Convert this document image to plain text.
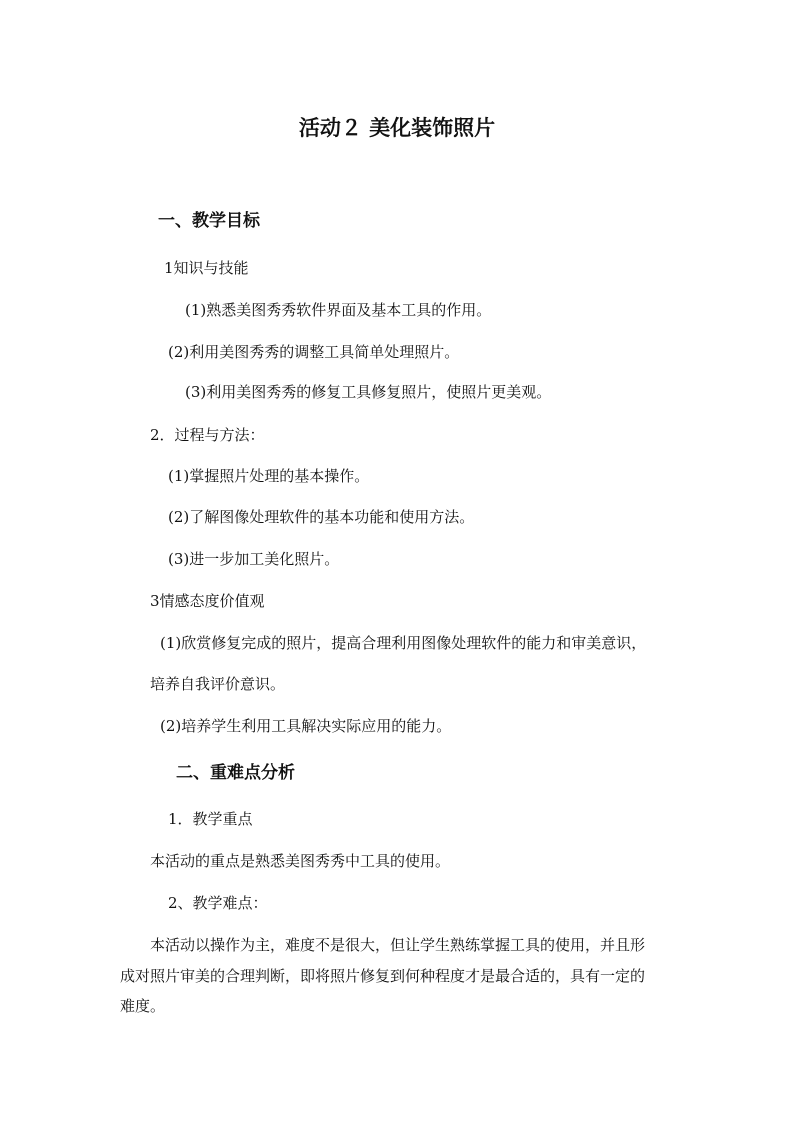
活动２ 美化装饰照片
一、教学目标
1知识与技能
(1)熟悉美图秀秀软件界面及基本工具的作用。
(2)利用美图秀秀的调整工具简单处理照片。
(3)利用美图秀秀的修复工具修复照片，使照片更美观。
2．过程与方法：
(1)掌握照片处理的基本操作。
(2)了解图像处理软件的基本功能和使用方法。
(3)进一步加工美化照片。
3情感态度价值观
(1)欣赏修复完成的照片，提高合理利用图像处理软件的能力和审美意识，
培养自我评价意识。
(2)培养学生利用工具解决实际应用的能力。
二、重难点分析
1．教学重点
本活动的重点是熟悉美图秀秀中工具的使用。
2、教学难点：
本活动以操作为主，难度不是很大，但让学生熟练掌握工具的使用，并且形
成对照片审美的合理判断，即将照片修复到何种程度才是最合适的，具有一定的
难度。
